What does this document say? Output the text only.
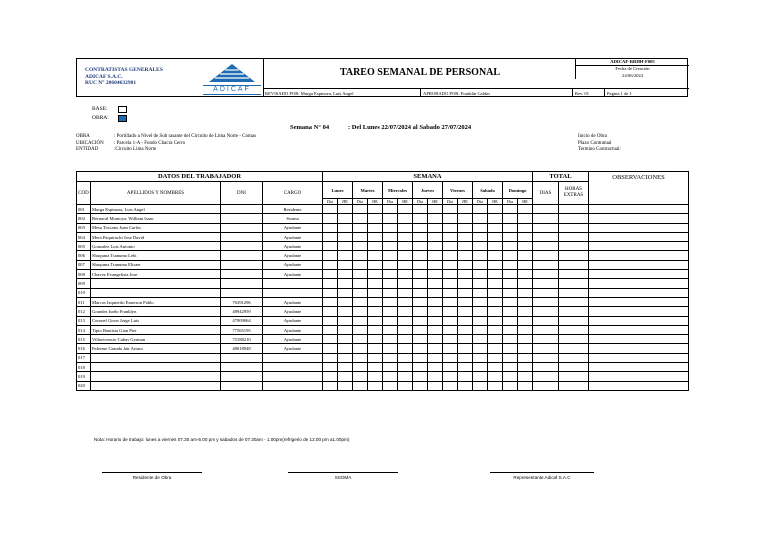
CONTRATISTAS GENERALES
ADICAF S.A.C.
RUC N° 20604632901
ADICAF
TAREO SEMANAL DE PERSONAL
REVISADO POR: Murga Espinoza, Luis Angel	APROBADO POR: Franklin Caldas	Rev. 01	Pagina 1 de 1
ADICAF-RRHH-F005
Fecha de Creación
24/06/2024
BASE:
OBRA:
Semana N° 04	: Del Lunes 22/07/2024 al Sabado 27/07/2024
OBRA
UBICACIÓN
ENTIDAD
: Portillado a Nivel de Sub rasante del Circuito de Lima Norte - Comas
: Parcela 1-A - Fundo Chacra Cerro
:Circuito Lima Norte
Inicio de Obra
Plazo Contratual
Termino Contractual:
DATOS DEL TRABAJADOR				SEMANA														TOTAL		OBSERVACIONES
COD	APELLIDOS Y NOMBRES	DNI	CARGO	Lunes		Martes		Miercoles		Jueves		Viernes		Sabado		Domingo		DIAS	HORAS EXTRAS	
				Dia	HE	Dia	HE	Dia	HE	Dia	HE	Dia	HE	Dia	HE	Dia	HE			
001	Murga Espinoza, Luis Angel		Residente																	
002	Bernacal Montoya, William Isaac		Ssoma																	
003	Mesa Toscano Juan Carlos		Ayudante																	
004	Mera Paquiruchi Jose David		Ayudante																	
005	Gonzalez Luis Antonio		Ayudante																	
006	Shuquma Tsanuma Lehi		Ayudante																	
007	Shuquma Tsanuma Elisaer		Ayudante																	
008	Chavez Evangelista Jose		Ayudante																	
009																				
010																				
011	Marcos Izquierdo Emerson Pablo	76391296	Ayudante																	
012	Grandez Iurño Franklyn	48942959	Ayudante																	
013	Coronel Giron Jorge Luis	47909064	Ayudante																	
014	Tipto Bautista Gian Pier	77565195	Ayudante																	
015	Villavicencio Cubas German	75188210	Ayudante																	
016	Palermo Granda Jair Arturo	48018948	Ayudante																	
017																				
018																				
019																				
020																				
Nota: Horario de trabajo: lunes a viernes 07.30 am-5.00 pm y sabados de 07.30am - 1.00pm(refrigerio de 12.00 pm a1.00pm)
Residente de Obra	SSOMA	Representante Adicaf S.A.C
